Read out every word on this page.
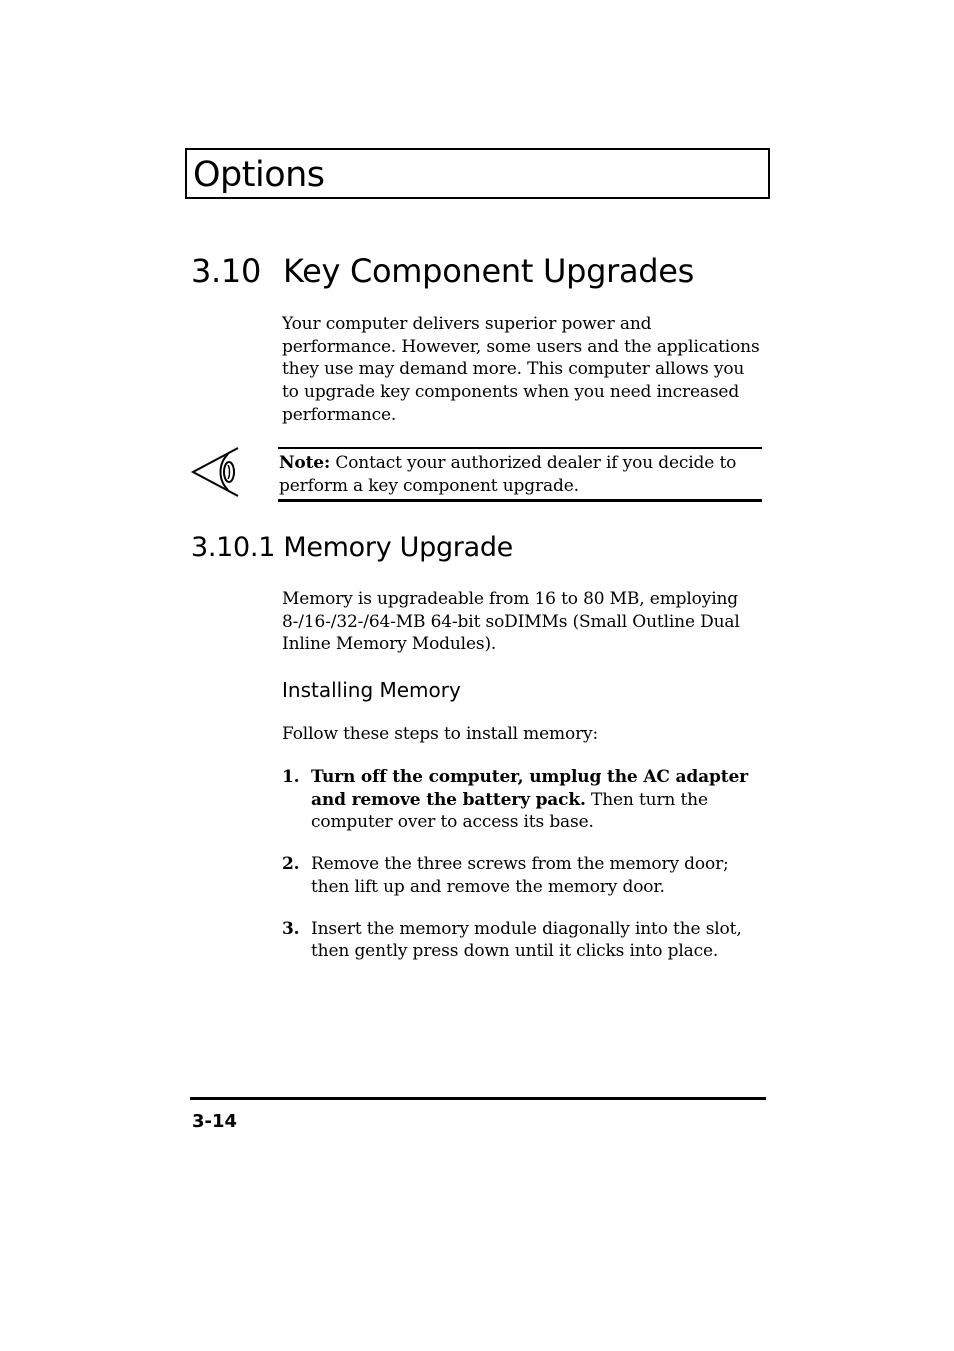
Options
3.10 Key Component Upgrades
Your computer delivers superior power and performance. However, some users and the applications they use may demand more. This computer allows you to upgrade key components when you need increased performance.
Note: Contact your authorized dealer if you decide to perform a key component upgrade.
3.10.1 Memory Upgrade
Memory is upgradeable from 16 to 80 MB, employing 8-/16-/32-/64-MB 64-bit soDIMMs (Small Outline Dual Inline Memory Modules).
Installing Memory
Follow these steps to install memory:
1. Turn off the computer, umplug the AC adapter and remove the battery pack. Then turn the computer over to access its base.
2. Remove the three screws from the memory door; then lift up and remove the memory door.
3. Insert the memory module diagonally into the slot, then gently press down until it clicks into place.
3-14
